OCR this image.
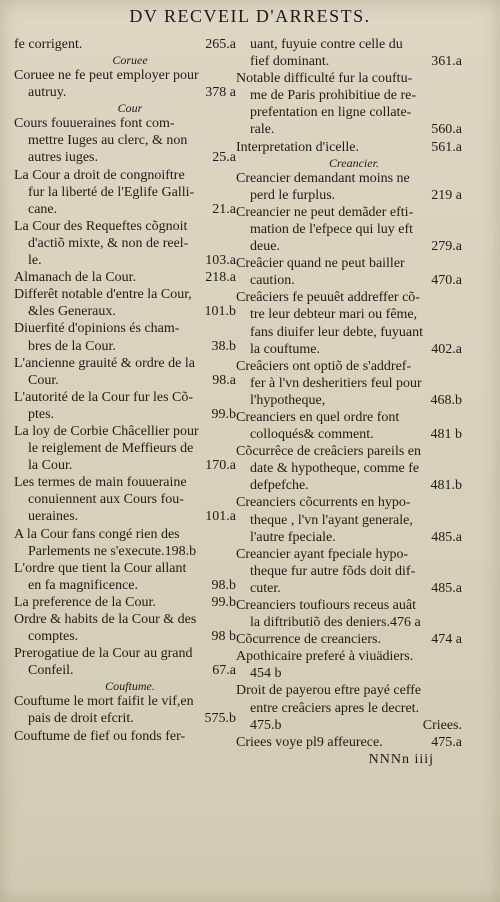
DV RECVEIL D'ARRESTS.
265.a
fe corrigent.
Coruee
Coruee ne fe peut employer pour
378 a
autruy.
Cour
Cours fouueraines font com-
mettre Iuges au clerc, & non
25.a
autres iuges.
La Cour a droit de congnoiftre
fur la liberté de l'Eglife Galli-
21.a
cane.
La Cour des Requeftes cõgnoit
d'actiõ mixte, & non de reel-
103.a
le.
218.a
Almanach de la Cour.
Differêt notable d'entre la Cour,
101.b
&les Generaux.
Diuerfité d'opinions és cham-
38.b
bres de la Cour.
L'ancienne grauité & ordre de la
98.a
Cour.
L'autorité de la Cour fur les Cõ-
99.b
ptes.
La loy de Corbie Châcellier pour
le reiglement de Meffieurs de
170.a
la Cour.
Les termes de main fouueraine
conuiennent aux Cours fou-
101.a
ueraines.
A la Cour fans congé rien des
Parlements ne s'execute.198.b
L'ordre que tient la Cour allant
98.b
en fa magnificence.
99.b
La preference de la Cour.
Ordre & habits de la Cour & des
98 b
comptes.
Prerogatiue de la Cour au grand
67.a
Confeil.
Couftume.
Couftume le mort faifit le vif,en
575.b
pais de droit efcrit.
Couftume de fief ou fonds fer-
uant, fuyuie contre celle du
361.a
fief dominant.
Notable difficulté fur la couftu-
me de Paris prohibitiue de re-
prefentation en ligne collate-
560.a
rale.
561.a
Interpretation d'icelle.
Creancier.
Creancier demandant moins ne
219 a
perd le furplus.
Creancier ne peut demãder efti-
mation de l'efpece qui luy eft
279.a
deue.
Creâcier quand ne peut bailler
470.a
caution.
Creâciers fe peuuêt addreffer cõ-
tre leur debteur mari ou fême,
fans diuifer leur debte, fuyuant
402.a
la couftume.
Creâciers ont optiõ de s'addref-
fer à l'vn desheritiers feul pour
468.b
l'hypotheque,
Creanciers en quel ordre font
481 b
colloqués& comment.
Cõcurrêce de creâciers pareils en
date & hypotheque, comme fe
481.b
defpefche.
Creanciers cõcurrents en hypo-
theque , l'vn l'ayant generale,
485.a
l'autre fpeciale.
Creancier ayant fpeciale hypo-
theque fur autre fõds doit dif-
485.a
cuter.
Creanciers toufiours receus auât
la diftributiõ des deniers.476 a
474 a
Cõcurrence de creanciers.
Apothicaire preferé à viuädiers.
454 b
Droit de payerou eftre payé ceffe
entre creâciers apres le decret.
Criees.
475.b
475.a
Criees voye pl9 affeurece.
NNNn iiij
